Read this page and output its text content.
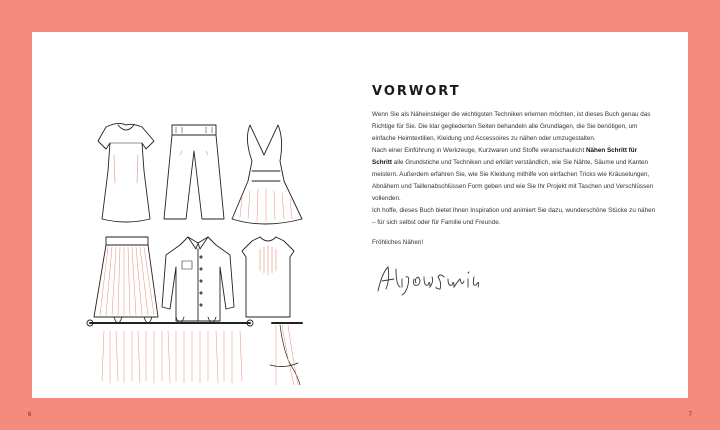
VORWORT

Wenn Sie als Näheinsteiger die wichtigsten Techniken erlernen möchten, ist dieses Buch genau das Richtige für Sie. Die klar gegliederten Seiten behandeln alle Grundlagen, die Sie benötigen, um einfache Heimtextilien, Kleidung und Accessoires zu nähen oder umzugestalten.

Nach einer Einführung in Werkzeuge, Kurzwaren und Stoffe veranschaulicht Nähen Schritt für Schritt alle Grundstiche und Techniken und erklärt verständlich, wie Sie Nähte, Säume und Kanten meistern. Außerdem erfahren Sie, wie Sie Kleidung mithilfe von einfachen Tricks wie Kräuselungen, Abnähern und Taillenabschlüssen Form geben und wie Sie Ihr Projekt mit Taschen und Verschlüssen vollenden.

Ich hoffe, dieses Buch bietet Ihnen Inspiration und animiert Sie dazu, wunderschöne Stücke zu nähen – für sich selbst oder für Familie und Freunde.

Fröhliches Nähen!

6	7
